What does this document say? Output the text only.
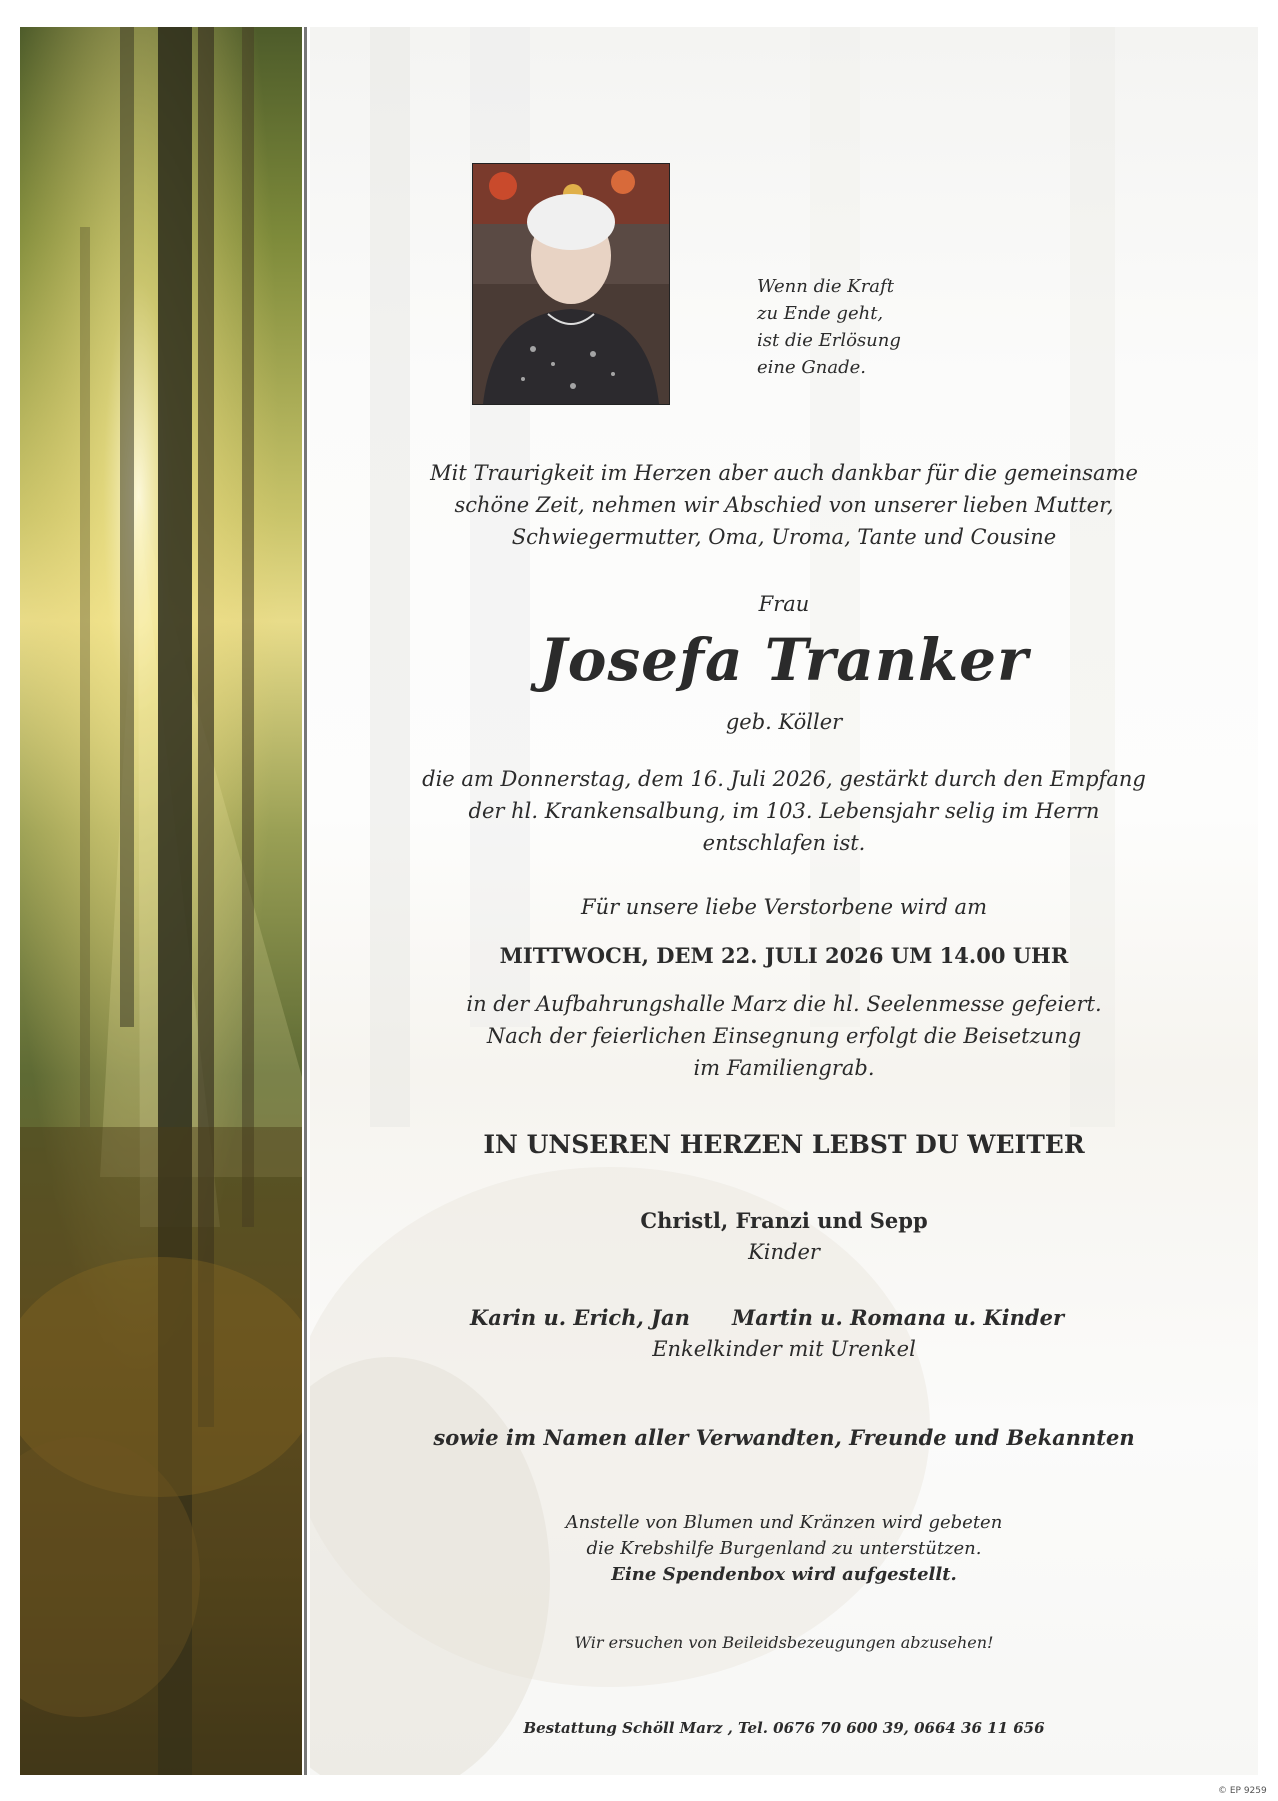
Wenn die Kraft
zu Ende geht,
ist die Erlösung
eine Gnade.

Mit Traurigkeit im Herzen aber auch dankbar für die gemeinsame

schöne Zeit, nehmen wir Abschied von unserer lieben Mutter,

Schwiegermutter, Oma, Uroma, Tante und Cousine

Frau

Josefa Tranker

geb. Köller

die am Donnerstag, dem 16. Juli 2026, gestärkt durch den Empfang

der hl. Krankensalbung, im 103. Lebensjahr selig im Herrn

entschlafen ist.

Für unsere liebe Verstorbene wird am

MITTWOCH, DEM 22. JULI 2026 UM 14.00 UHR

in der Aufbahrungshalle Marz die hl. Seelenmesse gefeiert.

Nach der feierlichen Einsegnung erfolgt die Beisetzung

im Familiengrab.

IN UNSEREN HERZEN LEBST DU WEITER

Christl, Franzi und Sepp

Kinder

Karin u. Erich, Jan Martin u. Romana u. Kinder

Enkelkinder mit Urenkel

sowie im Namen aller Verwandten, Freunde und Bekannten

Anstelle von Blumen und Kränzen wird gebeten

die Krebshilfe Burgenland zu unterstützen.

Eine Spendenbox wird aufgestellt.

Wir ersuchen von Beileidsbezeugungen abzusehen!

Bestattung Schöll Marz , Tel. 0676 70 600 39, 0664 36 11 656

© EP 9259
